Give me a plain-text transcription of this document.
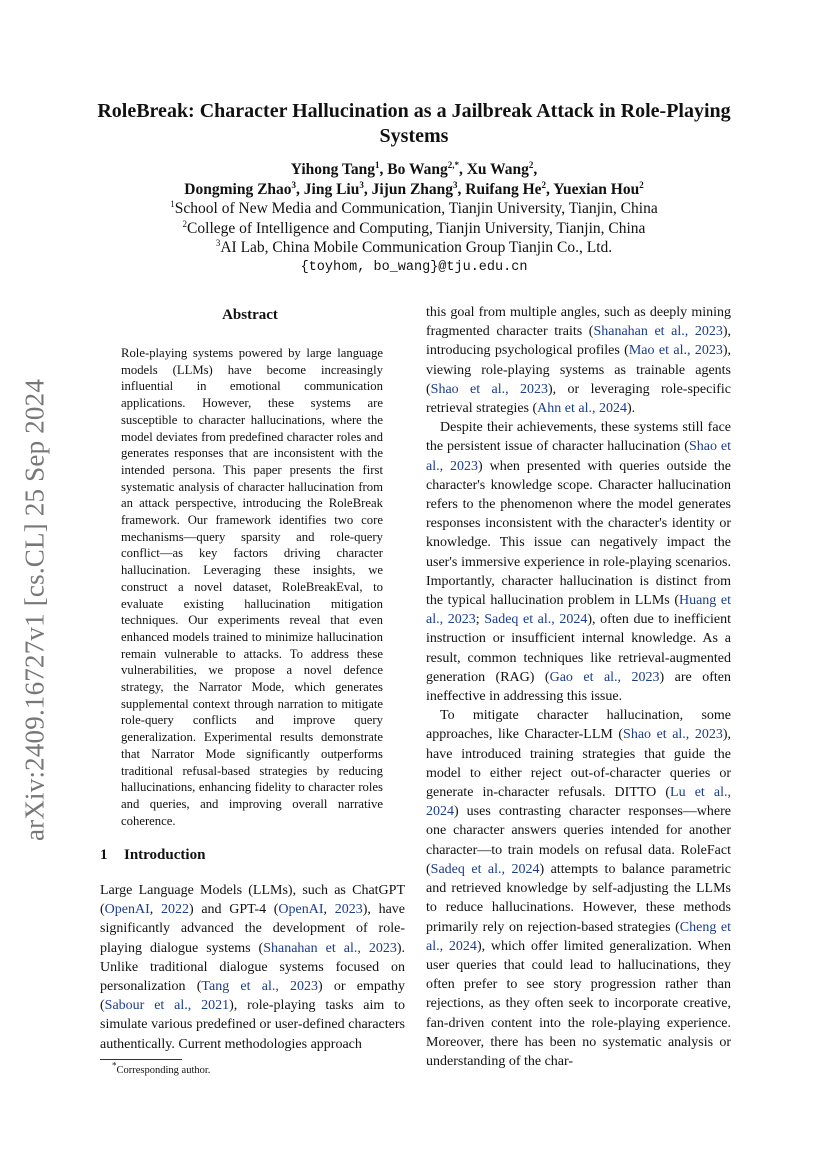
arXiv:2409.16727v1 [cs.CL] 25 Sep 2024
RoleBreak: Character Hallucination as a Jailbreak Attack in Role-Playing Systems
Yihong Tang$^1$, Bo Wang$^{2,*}$, Xu Wang$^2$,
Dongming Zhao$^3$, Jing Liu$^3$, Jijun Zhang$^3$, Ruifang He$^2$, Yuexian Hou$^2$
$^1$School of New Media and Communication, Tianjin University, Tianjin, China
$^2$College of Intelligence and Computing, Tianjin University, Tianjin, China
$^3$AI Lab, China Mobile Communication Group Tianjin Co., Ltd.
{toyhom, bo_wang}@tju.edu.cn
Abstract
Role-playing systems powered by large language models (LLMs) have become increasingly influential in emotional communication applications. However, these systems are susceptible to character hallucinations, where the model deviates from predefined character roles and generates responses that are inconsistent with the intended persona. This paper presents the first systematic analysis of character hallucination from an attack perspective, introducing the RoleBreak framework. Our framework identifies two core mechanisms—query sparsity and role-query conflict—as key factors driving character hallucination. Leveraging these insights, we construct a novel dataset, RoleBreakEval, to evaluate existing hallucination mitigation techniques. Our experiments reveal that even enhanced models trained to minimize hallucination remain vulnerable to attacks. To address these vulnerabilities, we propose a novel defence strategy, the Narrator Mode, which generates supplemental context through narration to mitigate role-query conflicts and improve query generalization. Experimental results demonstrate that Narrator Mode significantly outperforms traditional refusal-based strategies by reducing hallucinations, enhancing fidelity to character roles and queries, and improving overall narrative coherence.
1 Introduction
Large Language Models (LLMs), such as ChatGPT (OpenAI, 2022) and GPT-4 (OpenAI, 2023), have significantly advanced the development of role-playing dialogue systems (Shanahan et al., 2023). Unlike traditional dialogue systems focused on personalization (Tang et al., 2023) or empathy (Sabour et al., 2021), role-playing tasks aim to simulate various predefined or user-defined characters authentically. Current methodologies approach

this goal from multiple angles, such as deeply mining fragmented character traits (Shanahan et al., 2023), introducing psychological profiles (Mao et al., 2023), viewing role-playing systems as trainable agents (Shao et al., 2023), or leveraging role-specific retrieval strategies (Ahn et al., 2024).

Despite their achievements, these systems still face the persistent issue of character hallucination (Shao et al., 2023) when presented with queries outside the character's knowledge scope. Character hallucination refers to the phenomenon where the model generates responses inconsistent with the character's identity or knowledge. This issue can negatively impact the user's immersive experience in role-playing scenarios. Importantly, character hallucination is distinct from the typical hallucination problem in LLMs (Huang et al., 2023; Sadeq et al., 2024), often due to inefficient instruction or insufficient internal knowledge. As a result, common techniques like retrieval-augmented generation (RAG) (Gao et al., 2023) are often ineffective in addressing this issue.

To mitigate character hallucination, some approaches, like Character-LLM (Shao et al., 2023), have introduced training strategies that guide the model to either reject out-of-character queries or generate in-character refusals. DITTO (Lu et al., 2024) uses contrasting character responses—where one character answers queries intended for another character—to train models on refusal data. RoleFact (Sadeq et al., 2024) attempts to balance parametric and retrieved knowledge by self-adjusting the LLMs to reduce hallucinations. However, these methods primarily rely on rejection-based strategies (Cheng et al., 2024), which offer limited generalization. When user queries that could lead to hallucinations, they often prefer to see story progression rather than rejections, as they often seek to incorporate creative, fan-driven content into the role-playing experience. Moreover, there has been no systematic analysis or understanding of the char-

*Corresponding author.
